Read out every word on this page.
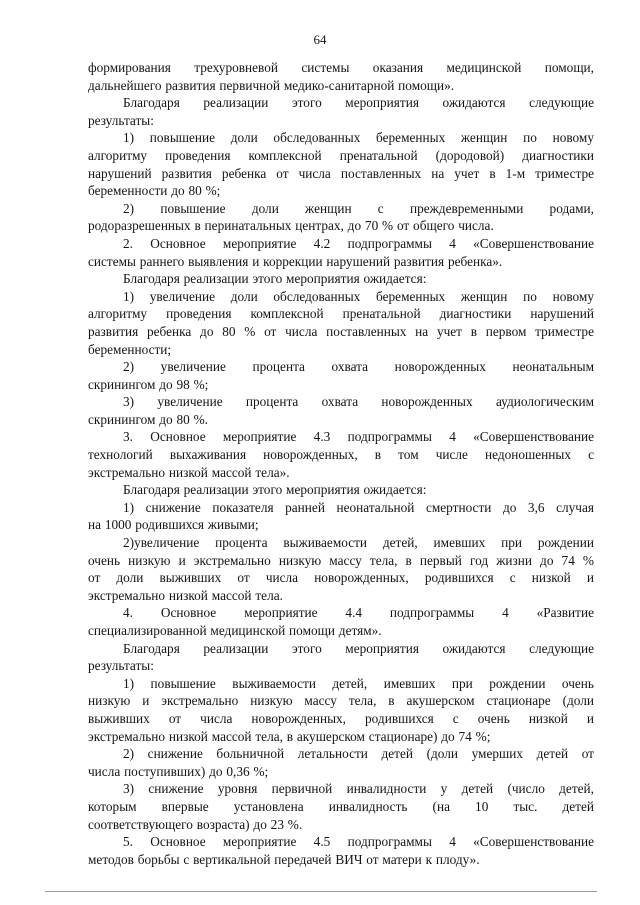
64

формирования трехуровневой системы оказания медицинской помощи,

дальнейшего развития первичной медико-санитарной помощи».

Благодаря реализации этого мероприятия ожидаются следующие

результаты:

1) повышение доли обследованных беременных женщин по новому

алгоритму проведения комплексной пренатальной (дородовой) диагностики

нарушений развития ребенка от числа поставленных на учет в 1-м триместре

беременности до 80 %;

2) повышение доли женщин с преждевременными родами,

родоразрешенных в перинатальных центрах, до 70 % от общего числа.

2. Основное мероприятие 4.2 подпрограммы 4 «Совершенствование

системы раннего выявления и коррекции нарушений развития ребенка».

Благодаря реализации этого мероприятия ожидается:

1) увеличение доли обследованных беременных женщин по новому

алгоритму проведения комплексной пренатальной диагностики нарушений

развития ребенка до 80 % от числа поставленных на учет в первом триместре

беременности;

2) увеличение процента охвата новорожденных неонатальным

скринингом до 98 %;

3) увеличение процента охвата новорожденных аудиологическим

скринингом до 80 %.

3. Основное мероприятие 4.3 подпрограммы 4 «Совершенствование

технологий выхаживания новорожденных, в том числе недоношенных с

экстремально низкой массой тела».

Благодаря реализации этого мероприятия ожидается:

1) снижение показателя ранней неонатальной смертности до 3,6 случая

на 1000 родившихся живыми;

2)увеличение процента выживаемости детей, имевших при рождении

очень низкую и экстремально низкую массу тела, в первый год жизни до 74 %

от доли выживших от числа новорожденных, родившихся с низкой и

экстремально низкой массой тела.

4. Основное мероприятие 4.4 подпрограммы 4 «Развитие

специализированной медицинской помощи детям».

Благодаря реализации этого мероприятия ожидаются следующие

результаты:

1) повышение выживаемости детей, имевших при рождении очень

низкую и экстремально низкую массу тела, в акушерском стационаре (доли

выживших от числа новорожденных, родившихся с очень низкой и

экстремально низкой массой тела, в акушерском стационаре) до 74 %;

2) снижение больничной летальности детей (доли умерших детей от

числа поступивших) до 0,36 %;

3) снижение уровня первичной инвалидности у детей (число детей,

которым впервые установлена инвалидность (на 10 тыс. детей

соответствующего возраста) до 23 %.

5. Основное мероприятие 4.5 подпрограммы 4 «Совершенствование

методов борьбы с вертикальной передачей ВИЧ от матери к плоду».
